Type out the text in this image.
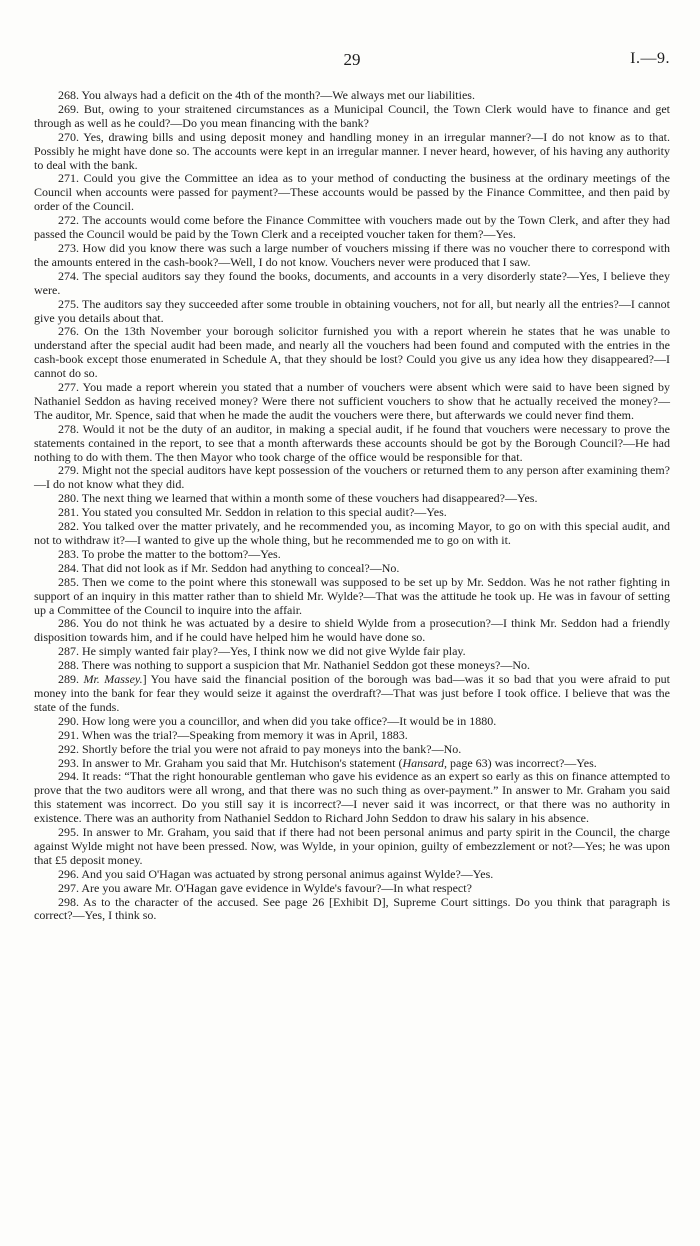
29	I.—9.

268. You always had a deficit on the 4th of the month?—We always met our liabilities.

269. But, owing to your straitened circumstances as a Municipal Council, the Town Clerk would have to finance and get through as well as he could?—Do you mean financing with the bank?

270. Yes, drawing bills and using deposit money and handling money in an irregular manner?—I do not know as to that. Possibly he might have done so. The accounts were kept in an irregular manner. I never heard, however, of his having any authority to deal with the bank.

271. Could you give the Committee an idea as to your method of conducting the business at the ordinary meetings of the Council when accounts were passed for payment?—These accounts would be passed by the Finance Committee, and then paid by order of the Council.

272. The accounts would come before the Finance Committee with vouchers made out by the Town Clerk, and after they had passed the Council would be paid by the Town Clerk and a receipted voucher taken for them?—Yes.

273. How did you know there was such a large number of vouchers missing if there was no voucher there to correspond with the amounts entered in the cash-book?—Well, I do not know. Vouchers never were produced that I saw.

274. The special auditors say they found the books, documents, and accounts in a very disorderly state?—Yes, I believe they were.

275. The auditors say they succeeded after some trouble in obtaining vouchers, not for all, but nearly all the entries?—I cannot give you details about that.

276. On the 13th November your borough solicitor furnished you with a report wherein he states that he was unable to understand after the special audit had been made, and nearly all the vouchers had been found and computed with the entries in the cash-book except those enumerated in Schedule A, that they should be lost? Could you give us any idea how they disappeared?—I cannot do so.

277. You made a report wherein you stated that a number of vouchers were absent which were said to have been signed by Nathaniel Seddon as having received money? Were there not sufficient vouchers to show that he actually received the money?—The auditor, Mr. Spence, said that when he made the audit the vouchers were there, but afterwards we could never find them.

278. Would it not be the duty of an auditor, in making a special audit, if he found that vouchers were necessary to prove the statements contained in the report, to see that a month afterwards these accounts should be got by the Borough Council?—He had nothing to do with them. The then Mayor who took charge of the office would be responsible for that.

279. Might not the special auditors have kept possession of the vouchers or returned them to any person after examining them?—I do not know what they did.

280. The next thing we learned that within a month some of these vouchers had disappeared?—Yes.

281. You stated you consulted Mr. Seddon in relation to this special audit?—Yes.

282. You talked over the matter privately, and he recommended you, as incoming Mayor, to go on with this special audit, and not to withdraw it?—I wanted to give up the whole thing, but he recommended me to go on with it.

283. To probe the matter to the bottom?—Yes.

284. That did not look as if Mr. Seddon had anything to conceal?—No.

285. Then we come to the point where this stonewall was supposed to be set up by Mr. Seddon. Was he not rather fighting in support of an inquiry in this matter rather than to shield Mr. Wylde?—That was the attitude he took up. He was in favour of setting up a Committee of the Council to inquire into the affair.

286. You do not think he was actuated by a desire to shield Wylde from a prosecution?—I think Mr. Seddon had a friendly disposition towards him, and if he could have helped him he would have done so.

287. He simply wanted fair play?—Yes, I think now we did not give Wylde fair play.

288. There was nothing to support a suspicion that Mr. Nathaniel Seddon got these moneys?—No.

289. Mr. Massey.] You have said the financial position of the borough was bad—was it so bad that you were afraid to put money into the bank for fear they would seize it against the overdraft?—That was just before I took office. I believe that was the state of the funds.

290. How long were you a councillor, and when did you take office?—It would be in 1880.

291. When was the trial?—Speaking from memory it was in April, 1883.

292. Shortly before the trial you were not afraid to pay moneys into the bank?—No.

293. In answer to Mr. Graham you said that Mr. Hutchison's statement (Hansard, page 63) was incorrect?—Yes.

294. It reads: “That the right honourable gentleman who gave his evidence as an expert so early as this on finance attempted to prove that the two auditors were all wrong, and that there was no such thing as over-payment.” In answer to Mr. Graham you said this statement was incorrect. Do you still say it is incorrect?—I never said it was incorrect, or that there was no authority in existence. There was an authority from Nathaniel Seddon to Richard John Seddon to draw his salary in his absence.

295. In answer to Mr. Graham, you said that if there had not been personal animus and party spirit in the Council, the charge against Wylde might not have been pressed. Now, was Wylde, in your opinion, guilty of embezzlement or not?—Yes; he was upon that £5 deposit money.

296. And you said O'Hagan was actuated by strong personal animus against Wylde?—Yes.

297. Are you aware Mr. O'Hagan gave evidence in Wylde's favour?—In what respect?

298. As to the character of the accused. See page 26 [Exhibit D], Supreme Court sittings. Do you think that paragraph is correct?—Yes, I think so.
